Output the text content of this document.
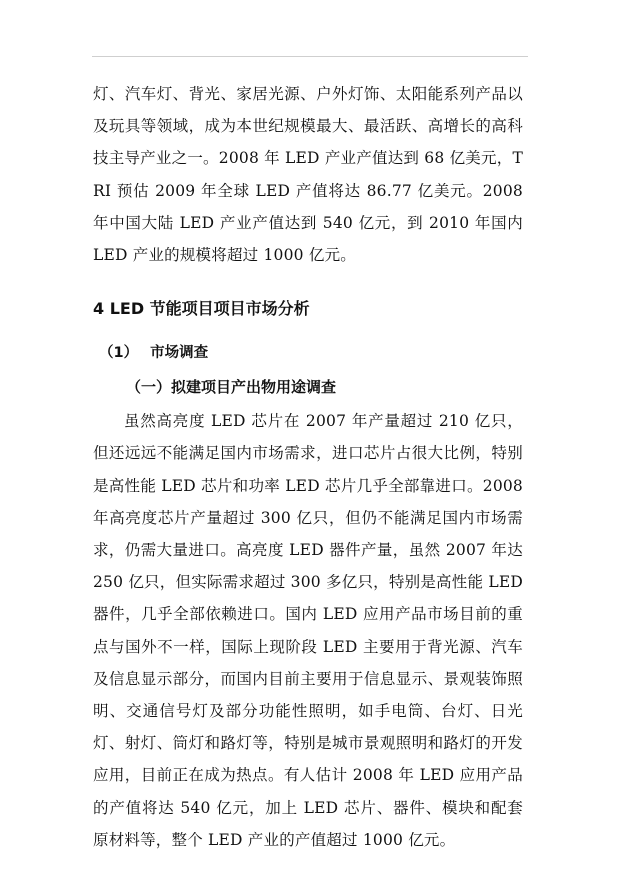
灯、汽车灯、背光、家居光源、户外灯饰、太阳能系列产品以及玩具等领域，成为本世纪规模最大、最活跃、高增长的高科技主导产业之一。2008 年 LED 产业产值达到 68 亿美元，TRI 预估 2009 年全球 LED 产值将达 86.77 亿美元。2008 年中国大陆 LED 产业产值达到 540 亿元，到 2010 年国内 LED 产业的规模将超过 1000 亿元。

4 LED 节能项目项目市场分析
（1） 市场调查
（一）拟建项目产出物用途调查

虽然高亮度 LED 芯片在 2007 年产量超过 210 亿只，但还远远不能满足国内市场需求，进口芯片占很大比例，特别是高性能 LED 芯片和功率 LED 芯片几乎全部靠进口。2008 年高亮度芯片产量超过 300 亿只，但仍不能满足国内市场需求，仍需大量进口。高亮度 LED 器件产量，虽然 2007 年达 250 亿只，但实际需求超过 300 多亿只，特别是高性能 LED 器件，几乎全部依赖进口。国内 LED 应用产品市场目前的重点与国外不一样，国际上现阶段 LED 主要用于背光源、汽车及信息显示部分，而国内目前主要用于信息显示、景观装饰照明、交通信号灯及部分功能性照明，如手电筒、台灯、日光灯、射灯、筒灯和路灯等，特别是城市景观照明和路灯的开发应用，目前正在成为热点。有人估计 2008 年 LED 应用产品的产值将达 540 亿元，加上 LED 芯片、器件、模块和配套原材料等，整个 LED 产业的产值超过 1000 亿元。
